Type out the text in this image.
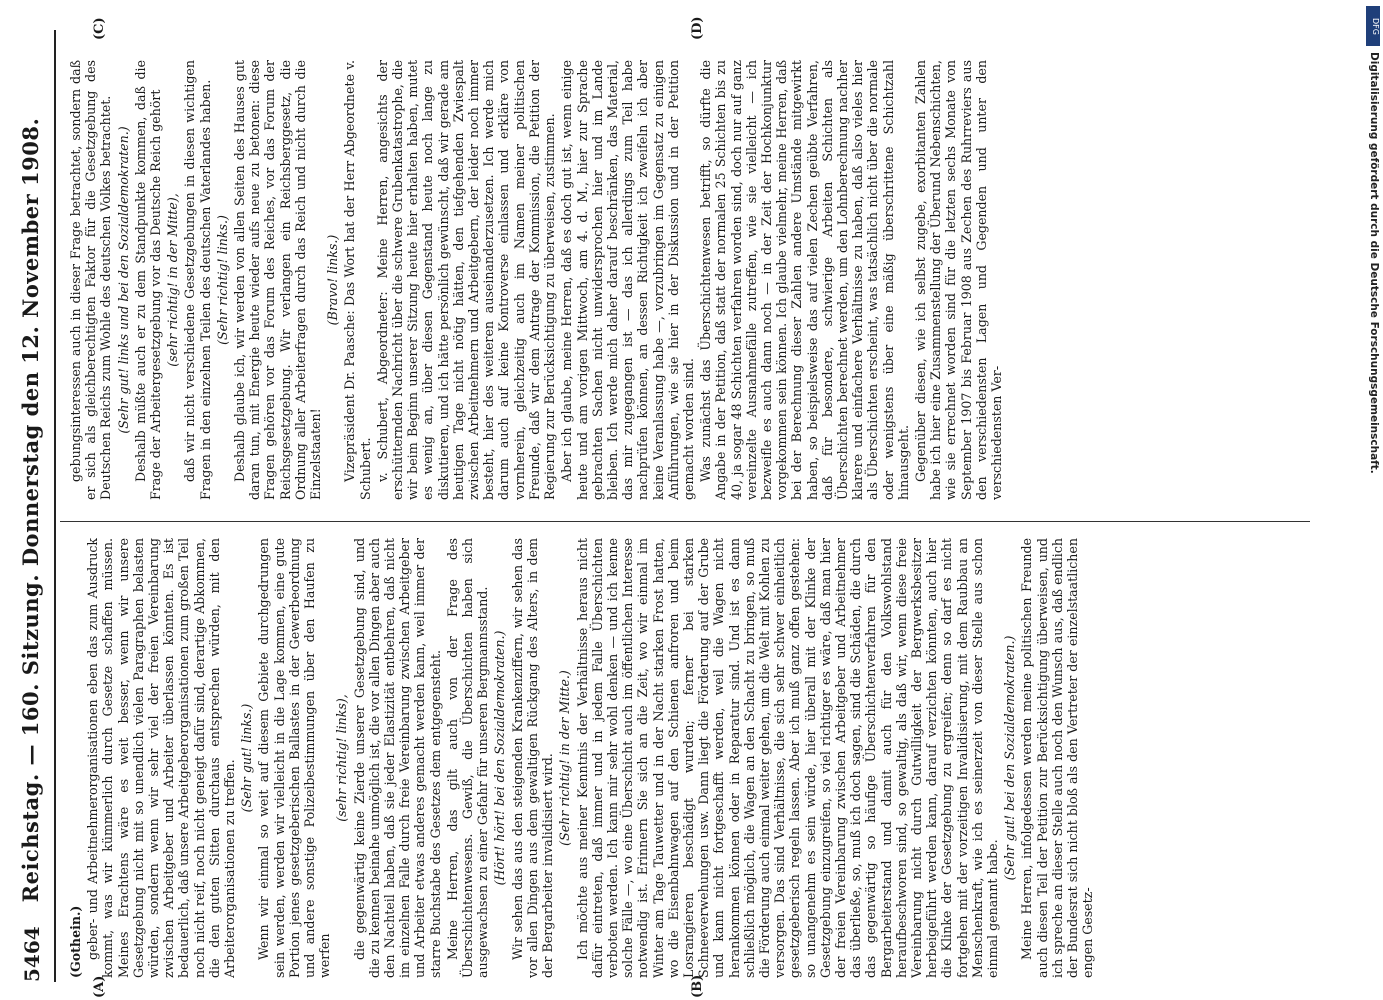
5464
Reichstag. — 160. Sitzung. Donnerstag den 12. November 1908.
(A)	(B)
(C)	(D)

(Gothein.) geber- und Arbeitnehmerorganisationen eben das zum Ausdruck kommt, was wir kümmerlich durch Gesetze schaffen müssen. Meines Erachtens wäre es weit besser, wenn wir unsere Gesetzgebung nicht mit so unendlich vielen Paragraphen belasten würden, sondern wenn wir sehr viel der freien Vereinbarung zwischen Arbeitgeber und Arbeiter überlassen könnten. Es ist bedauerlich, daß unsere Arbeitgeberorganisationen zum großen Teil noch nicht reif, noch nicht geneigt dafür sind, derartige Abkommen, die den guten Sitten durchaus entsprechen würden, mit den Arbeiterorganisationen zu treffen.

(Sehr gut! links.) Wenn wir einmal so weit auf diesem Gebiete durchgedrungen sein werden, werden wir vielleicht in die Lage kommen, eine gute Portion jenes gesetzgeberischen Ballastes in der Gewerbeordnung und andere sonstige Polizeibestimmungen über den Haufen zu werfen

(sehr richtig! links), die gegenwärtig keine Zierde unserer Gesetzgebung sind, und die zu kennen beinahe unmöglich ist, die vor allen Dingen aber auch den Nachteil haben, daß sie jeder Elastizität entbehren, daß nicht im einzelnen Falle durch freie Vereinbarung zwischen Arbeitgeber und Arbeiter etwas anderes gemacht werden kann, weil immer der starre Buchstabe des Gesetzes dem entgegensteht. Meine Herren, das gilt auch von der Frage des Überschichtenwesens. Gewiß, die Überschichten haben sich ausgewachsen zu einer Gefahr für unseren Bergmannsstand. (Hört! hört! bei den Sozialdemokraten.) Wir sehen das aus den steigenden Krankenziffern, wir sehen das vor allen Dingen aus dem gewaltigen Rückgang des Alters, in dem der Bergarbeiter invalidisiert wird. (Sehr richtig! in der Mitte.) Ich möchte aus meiner Kenntnis der Verhältnisse heraus nicht dafür eintreten, daß immer und in jedem Falle Überschichten verboten werden. Ich kann mir sehr wohl denken — und ich kenne solche Fälle —, wo eine Überschicht auch im öffentlichen Interesse notwendig ist. Erinnern Sie sich an die Zeit, wo wir einmal im Winter am Tage Tauwetter und in der Nacht starken Frost hatten, wo die Eisenbahnwagen auf den Schienen anfroren und beim Losrangieren beschädigt wurden; ferner bei starken Schneeverwehungen usw. Dann liegt die Förderung auf der Grube und kann nicht fortgeschafft werden, weil die Wagen nicht herankommen können oder in Reparatur sind. Und ist es dann schließlich möglich, die Wagen an den Schacht zu bringen, so muß die Förderung auch einmal weiter gehen, um die Welt mit Kohlen zu versorgen. Das sind Verhältnisse, die sich sehr schwer einheitlich gesetzgeberisch regeln lassen. Aber ich muß ganz offen gestehen: so unangenehm es sein würde, hier überall mit der Klinke der Gesetzgebung einzugreifen, so viel richtiger es wäre, daß man hier der freien Vereinbarung zwischen Arbeitgeber und Arbeitnehmer das überließe, so, muß ich doch sagen, sind die Schäden, die durch das gegenwärtig so häufige Überschichtenverfahren für den Bergarbeiterstand und damit auch für den Volkswohlstand heraufbeschworen sind, so gewaltig, als daß wir, wenn diese freie Vereinbarung nicht durch Gutwilligkeit der Bergwerksbesitzer herbeigeführt werden kann, darauf verzichten könnten, auch hier die Klinke der Gesetzgebung zu ergreifen; denn so darf es nicht fortgehen mit der vorzeitigen Invalidisierung, mit dem Raubbau an Menschenkraft, wie ich es seinerzeit von dieser Stelle aus schon einmal genannt habe.

(Sehr gut! bei den Sozialdemokraten.) Meine Herren, infolgedessen werden meine politischen Freunde auch diesen Teil der Petition zur Berücksichtigung überweisen, und ich spreche an dieser Stelle auch noch den Wunsch aus, daß endlich der Bundesrat sich nicht bloß als den Vertreter der einzelstaatlichen engen Gesetz-

gebungsinteressen auch in dieser Frage betrachtet, sondern daß er sich als gleichberechtigten Faktor für die Gesetzgebung des Deutschen Reichs zum Wohle des deutschen Volkes betrachtet. (Sehr gut! links und bei den Sozialdemokraten.) Deshalb müßte auch er zu dem Standpunkte kommen, daß die Frage der Arbeitergesetzgebung vor das Deutsche Reich gehört (sehr richtig! in der Mitte), daß wir nicht verschiedene Gesetzgebungen in diesen wichtigen Fragen in den einzelnen Teilen des deutschen Vaterlandes haben. (Sehr richtig! links.) Deshalb glaube ich, wir werden von allen Seiten des Hauses gut daran tun, mit Energie heute wieder aufs neue zu betonen: diese Fragen gehören vor das Forum des Reiches, vor das Forum der Reichsgesetzgebung. Wir verlangen ein Reichsberggesetz, die Ordnung aller Arbeiterfragen durch das Reich und nicht durch die Einzelstaaten!

(Bravo! links.) Vizepräsident Dr. Paasche: Das Wort hat der Herr Abgeordnete v. Schubert. v. Schubert, Abgeordneter: Meine Herren, angesichts der erschütternden Nachricht über die schwere Grubenkatastrophe, die wir beim Beginn unserer Sitzung heute hier erhalten haben, mutet es wenig an, über diesen Gegenstand heute noch lange zu diskutieren, und ich hätte persönlich gewünscht, daß wir gerade am heutigen Tage nicht nötig hätten, den tiefgehenden Zwiespalt zwischen Arbeitnehmern und Arbeitgebern, der leider noch immer besteht, hier des weiteren auseinanderzusetzen. Ich werde mich darum auch auf keine Kontroverse einlassen und erkläre von vornherein, gleichzeitig auch im Namen meiner politischen Freunde, daß wir dem Antrage der Kommission, die Petition der Regierung zur Berücksichtigung zu überweisen, zustimmen. Aber ich glaube, meine Herren, daß es doch gut ist, wenn einige heute und am vorigen Mittwoch, am 4. d. M., hier zur Sprache gebrachten Sachen nicht unwidersprochen hier und im Lande bleiben. Ich werde mich daher darauf beschränken, das Material, das mir zugegangen ist — das ich allerdings zum Teil habe nachprüfen können, an dessen Richtigkeit ich zweifeln ich aber keine Veranlassung habe —, vorzubringen im Gegensatz zu einigen Anführungen, wie sie hier in der Diskussion und in der Petition gemacht worden sind. Was zunächst das Überschichtenwesen betrifft, so dürfte die Angabe in der Petition, daß statt der normalen 25 Schichten bis zu 40, ja sogar 48 Schichten verfahren worden sind, doch nur auf ganz vereinzelte Ausnahmefälle zutreffen, wie sie vielleicht — ich bezweifle es auch dann noch — in der Zeit der Hochkonjunktur vorgekommen sein können. Ich glaube vielmehr, meine Herren, daß bei der Berechnung dieser Zahlen andere Umstände mitgewirkt haben, so beispielsweise das auf vielen Zechen geübte Verfahren, daß für besondere, schwierige Arbeiten Schichten als Überschichten berechnet werden, um den Lohnberechnung nachher klarere und einfachere Verhältnisse zu haben, daß also vieles hier als Überschichten erscheint, was tatsächlich nicht über die normale oder wenigstens über eine mäßig überschrittene Schichtzahl hinausgeht. Gegenüber diesen, wie ich selbst zugebe, exorbitanten Zahlen habe ich hier eine Zusammenstellung der Überund Nebenschichten, wie sie errechnet worden sind für die letzten sechs Monate von September 1907 bis Februar 1908 aus Zechen des Ruhrreviers aus den verschiedensten Lagen und Gegenden und unter den verschiedensten Ver-

DFG
Digitalisierung gefördert durch die Deutsche Forschungsgemeinschaft.
